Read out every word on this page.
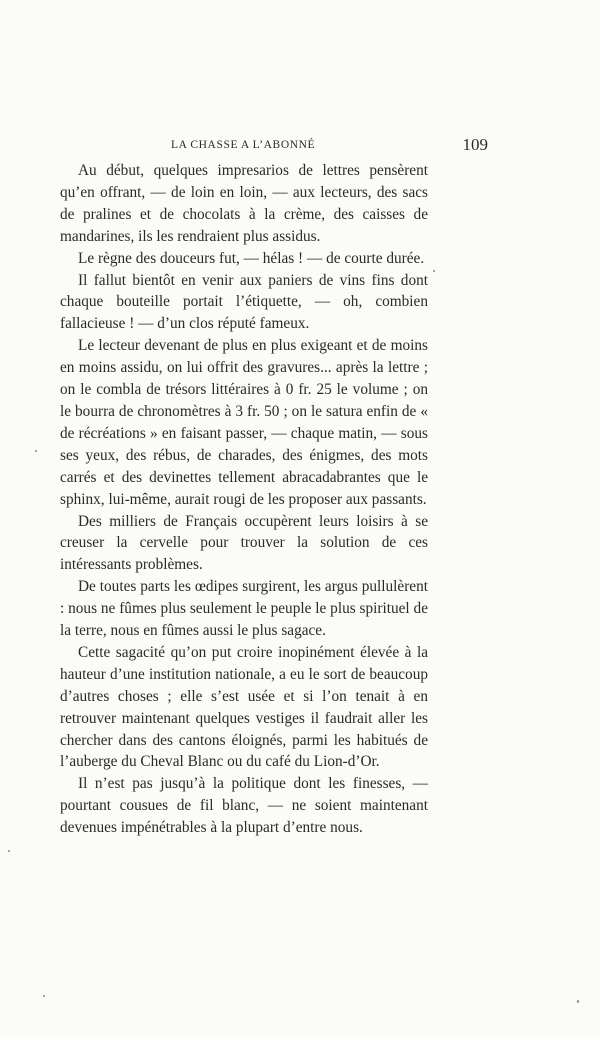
LA CHASSE A L’ABONNÉ	109

Au début, quelques impresarios de lettres pensèrent qu’en offrant, — de loin en loin, — aux lecteurs, des sacs de pralines et de chocolats à la crème, des caisses de mandarines, ils les rendraient plus assidus.

Le règne des douceurs fut, — hélas ! — de courte durée.

Il fallut bientôt en venir aux paniers de vins fins dont chaque bouteille portait l’étiquette, — oh, combien fallacieuse ! — d’un clos réputé fameux.

Le lecteur devenant de plus en plus exigeant et de moins en moins assidu, on lui offrit des gravures... après la lettre ; on le combla de trésors littéraires à 0 fr. 25 le volume ; on le bourra de chronomètres à 3 fr. 50 ; on le satura enfin de « de récréations » en faisant passer, — chaque matin, — sous ses yeux, des rébus, de charades, des énigmes, des mots carrés et des devinettes tellement abracadabrantes que le sphinx, lui-même, aurait rougi de les proposer aux passants.

Des milliers de Français occupèrent leurs loisirs à se creuser la cervelle pour trouver la solution de ces intéressants problèmes.

De toutes parts les œdipes surgirent, les argus pullulèrent : nous ne fûmes plus seulement le peuple le plus spirituel de la terre, nous en fûmes aussi le plus sagace.

Cette sagacité qu’on put croire inopinément élevée à la hauteur d’une institution nationale, a eu le sort de beaucoup d’autres choses ; elle s’est usée et si l’on tenait à en retrouver maintenant quelques vestiges il faudrait aller les chercher dans des cantons éloignés, parmi les habitués de l’auberge du Cheval Blanc ou du café du Lion-d’Or.

Il n’est pas jusqu’à la politique dont les finesses, — pourtant cousues de fil blanc, — ne soient maintenant devenues impénétrables à la plupart d’entre nous.
